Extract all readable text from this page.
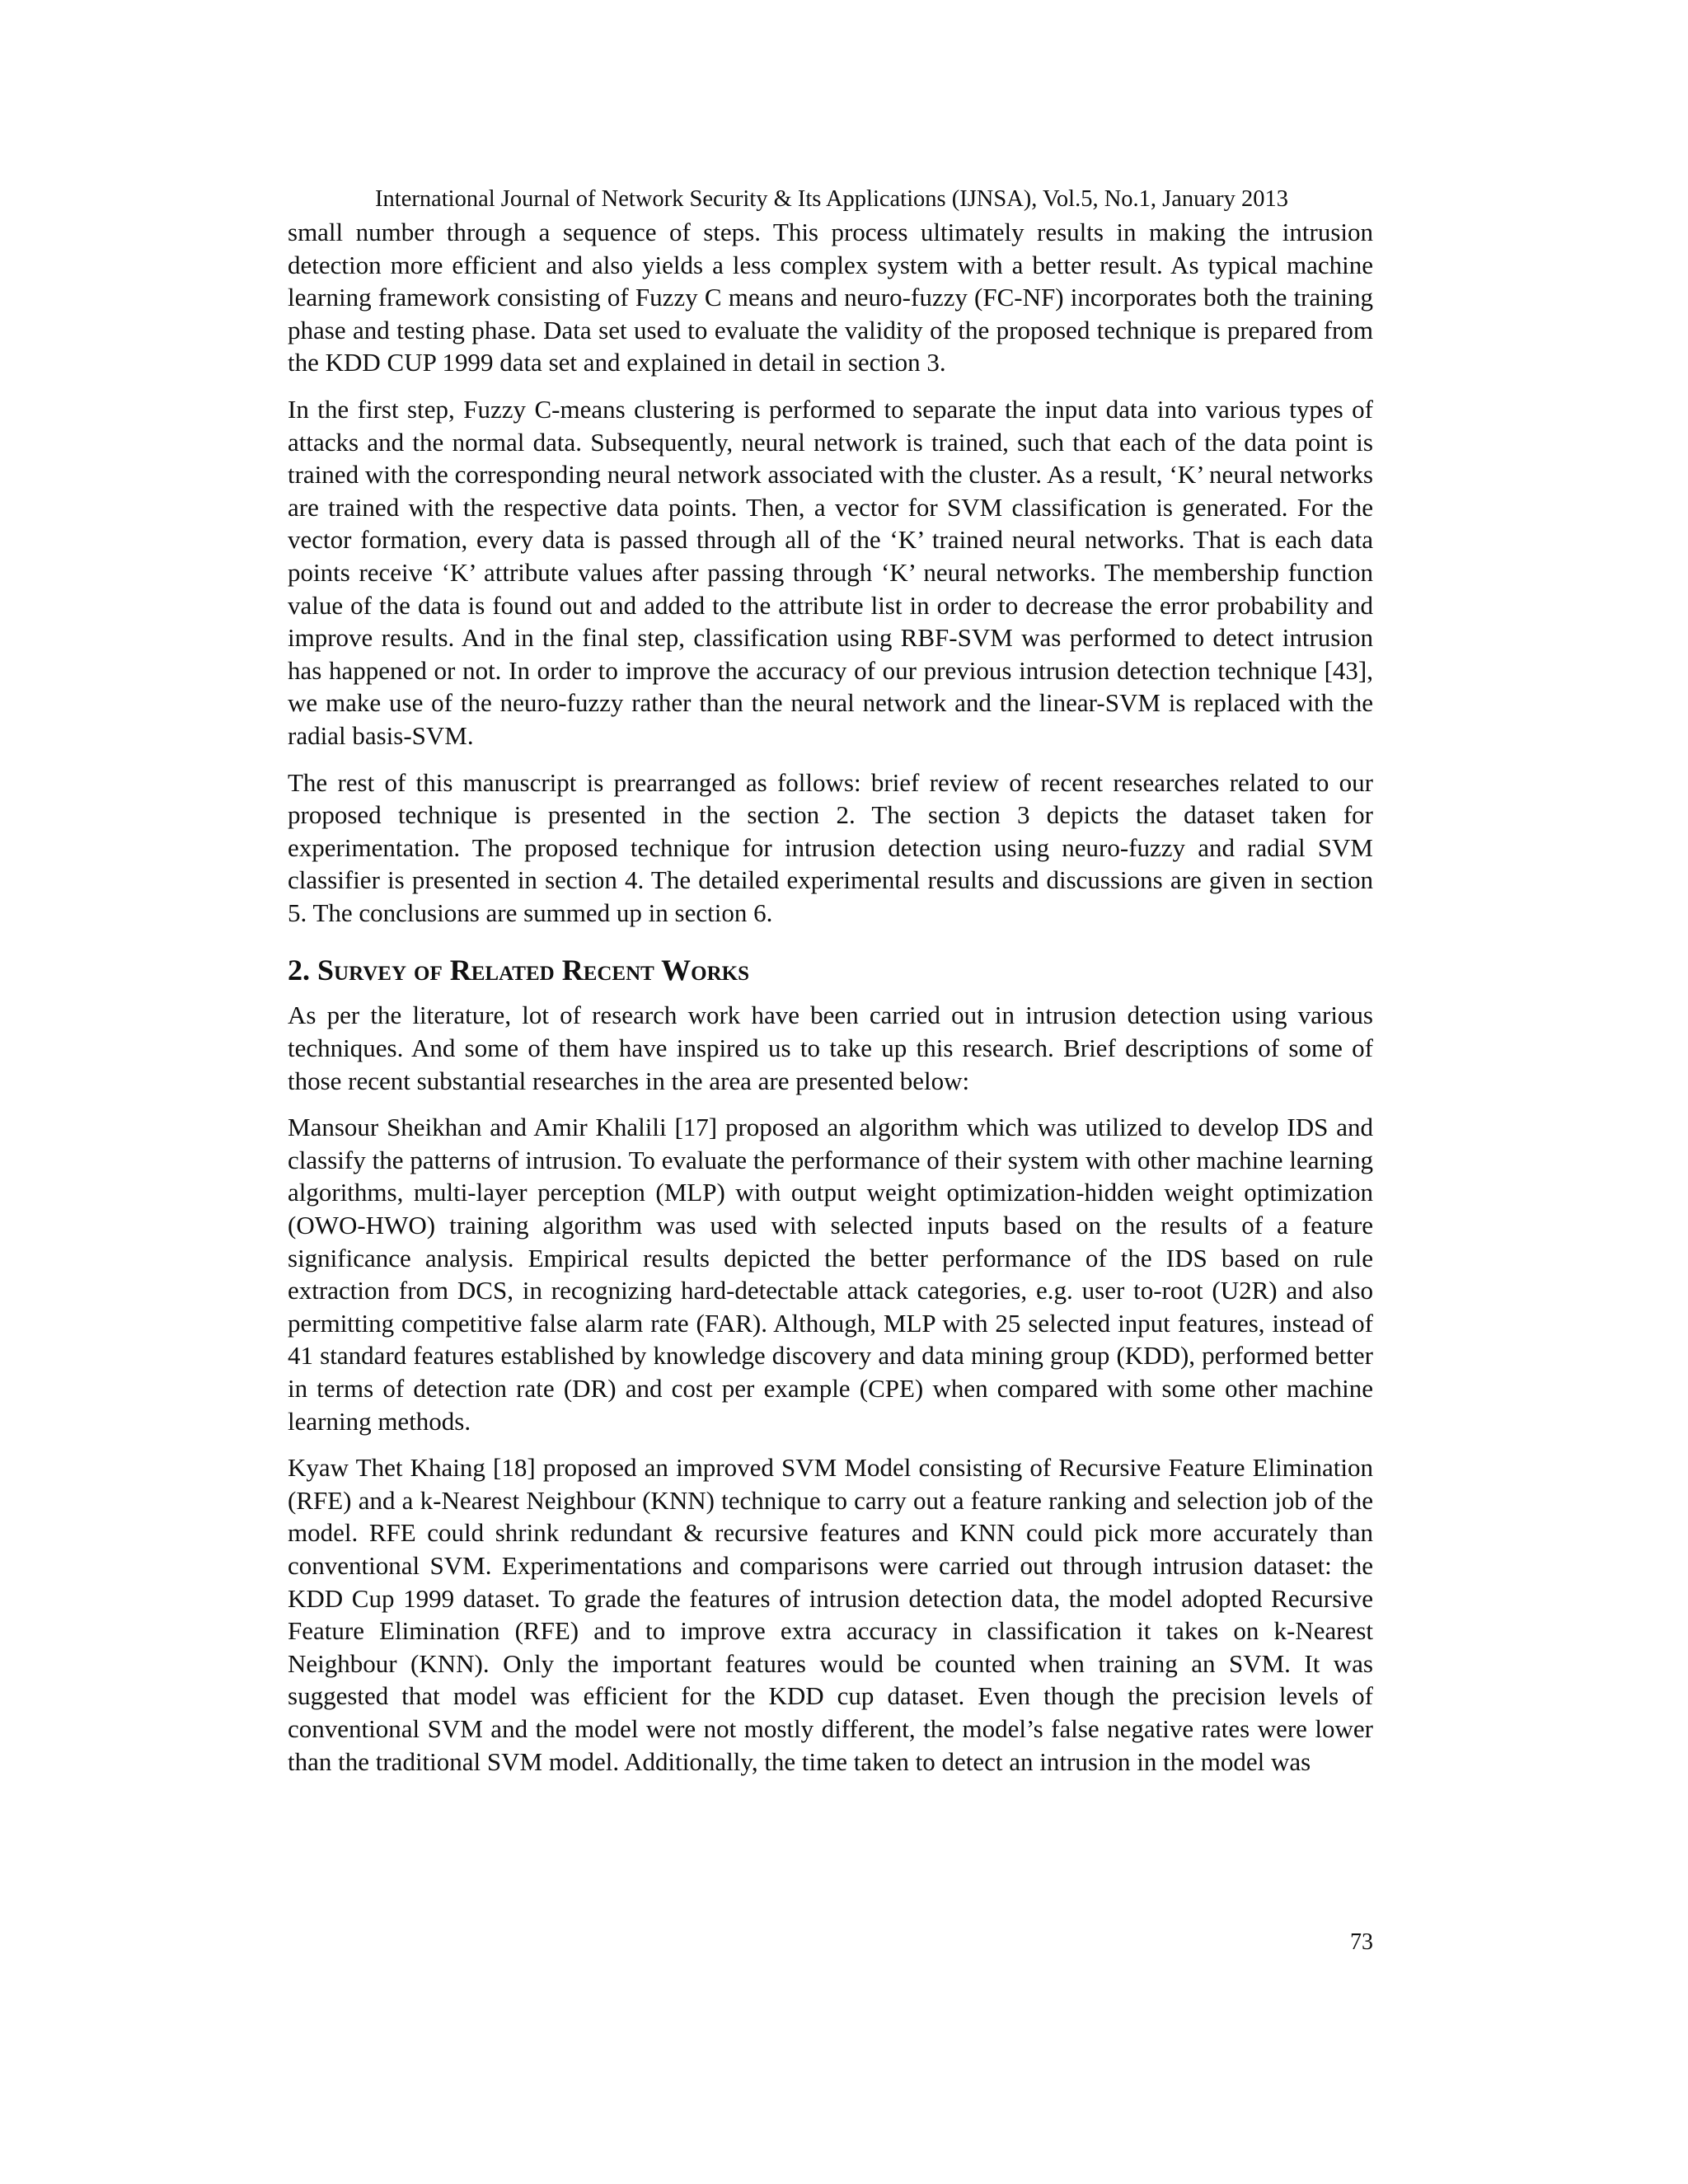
International Journal of Network Security & Its Applications (IJNSA), Vol.5, No.1, January 2013

small number through a sequence of steps. This process ultimately results in making the intrusion detection more efficient and also yields a less complex system with a better result. As typical machine learning framework consisting of Fuzzy C means and neuro-fuzzy (FC-NF) incorporates both the training phase and testing phase. Data set used to evaluate the validity of the proposed technique is prepared from the KDD CUP 1999 data set and explained in detail in section 3.

In the first step, Fuzzy C-means clustering is performed to separate the input data into various types of attacks and the normal data. Subsequently, neural network is trained, such that each of the data point is trained with the corresponding neural network associated with the cluster. As a result, ‘K’ neural networks are trained with the respective data points. Then, a vector for SVM classification is generated. For the vector formation, every data is passed through all of the ‘K’ trained neural networks. That is each data points receive ‘K’ attribute values after passing through ‘K’ neural networks. The membership function value of the data is found out and added to the attribute list in order to decrease the error probability and improve results. And in the final step, classification using RBF-SVM was performed to detect intrusion has happened or not. In order to improve the accuracy of our previous intrusion detection technique [43], we make use of the neuro-fuzzy rather than the neural network and the linear-SVM is replaced with the radial basis-SVM.

The rest of this manuscript is prearranged as follows: brief review of recent researches related to our proposed technique is presented in the section 2. The section 3 depicts the dataset taken for experimentation. The proposed technique for intrusion detection using neuro-fuzzy and radial SVM classifier is presented in section 4. The detailed experimental results and discussions are given in section 5. The conclusions are summed up in section 6.

2. Survey of Related Recent Works

As per the literature, lot of research work have been carried out in intrusion detection using various techniques. And some of them have inspired us to take up this research. Brief descriptions of some of those recent substantial researches in the area are presented below:

Mansour Sheikhan and Amir Khalili [17] proposed an algorithm which was utilized to develop IDS and classify the patterns of intrusion. To evaluate the performance of their system with other machine learning algorithms, multi-layer perception (MLP) with output weight optimization-hidden weight optimization (OWO-HWO) training algorithm was used with selected inputs based on the results of a feature significance analysis. Empirical results depicted the better performance of the IDS based on rule extraction from DCS, in recognizing hard-detectable attack categories, e.g. user to-root (U2R) and also permitting competitive false alarm rate (FAR). Although, MLP with 25 selected input features, instead of 41 standard features established by knowledge discovery and data mining group (KDD), performed better in terms of detection rate (DR) and cost per example (CPE) when compared with some other machine learning methods.

Kyaw Thet Khaing [18] proposed an improved SVM Model consisting of Recursive Feature Elimination (RFE) and a k-Nearest Neighbour (KNN) technique to carry out a feature ranking and selection job of the model. RFE could shrink redundant & recursive features and KNN could pick more accurately than conventional SVM. Experimentations and comparisons were carried out through intrusion dataset: the KDD Cup 1999 dataset. To grade the features of intrusion detection data, the model adopted Recursive Feature Elimination (RFE) and to improve extra accuracy in classification it takes on k-Nearest Neighbour (KNN). Only the important features would be counted when training an SVM. It was suggested that model was efficient for the KDD cup dataset. Even though the precision levels of conventional SVM and the model were not mostly different, the model’s false negative rates were lower than the traditional SVM model. Additionally, the time taken to detect an intrusion in the model was

73
